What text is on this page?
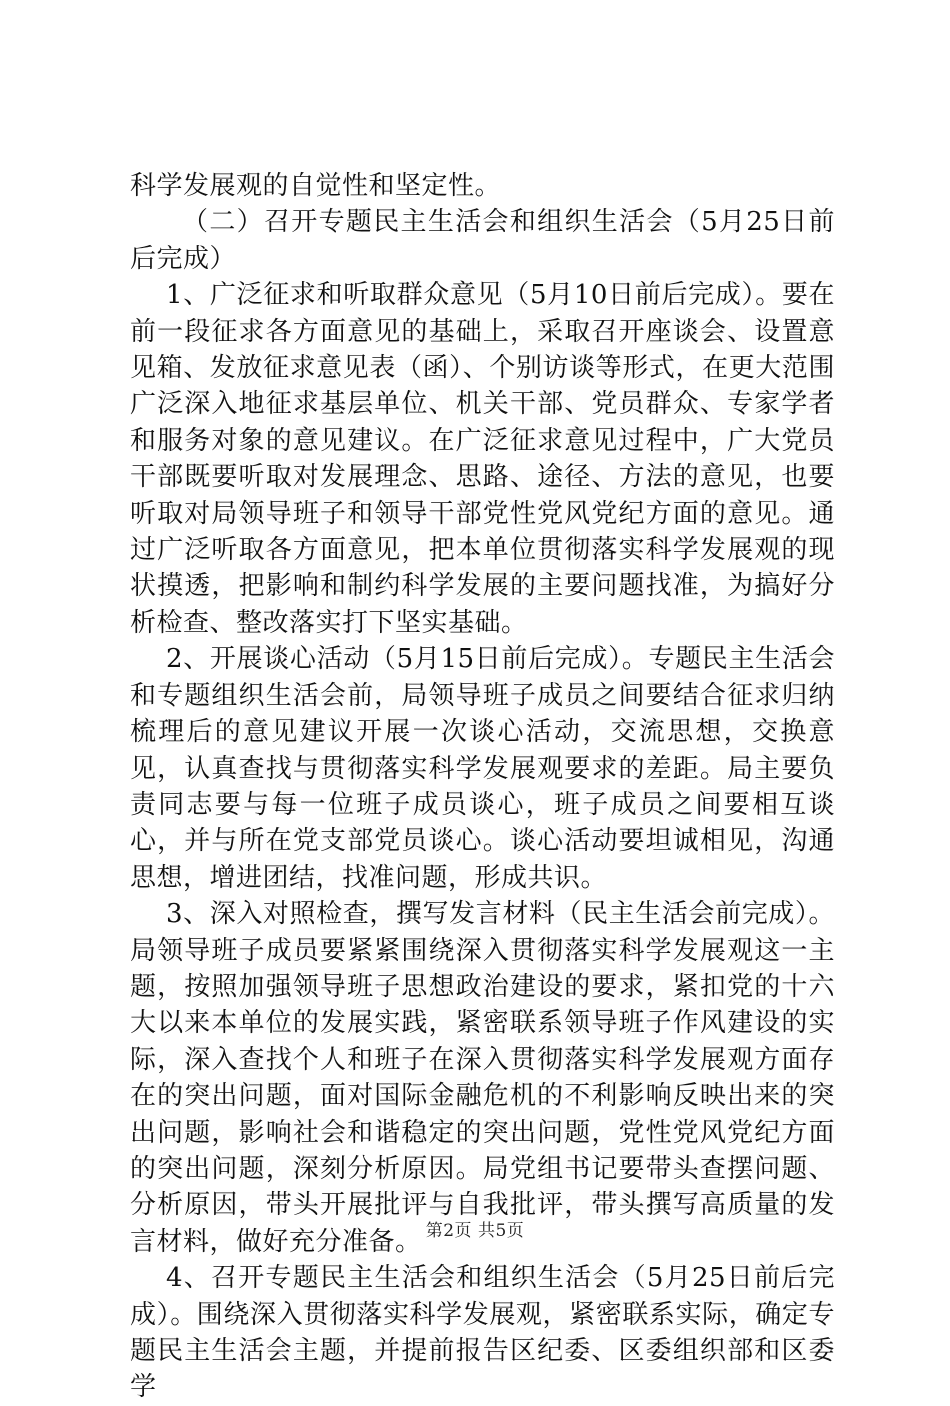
科学发展观的自觉性和坚定性。

（二）召开专题民主生活会和组织生活会（5月25日前后完成）

1、广泛征求和听取群众意见（5月10日前后完成）。要在前一段征求各方面意见的基础上，采取召开座谈会、设置意见箱、发放征求意见表（函）、个别访谈等形式，在更大范围广泛深入地征求基层单位、机关干部、党员群众、专家学者和服务对象的意见建议。在广泛征求意见过程中，广大党员干部既要听取对发展理念、思路、途径、方法的意见，也要听取对局领导班子和领导干部党性党风党纪方面的意见。通过广泛听取各方面意见，把本单位贯彻落实科学发展观的现状摸透，把影响和制约科学发展的主要问题找准，为搞好分析检查、整改落实打下坚实基础。

2、开展谈心活动（5月15日前后完成）。专题民主生活会和专题组织生活会前，局领导班子成员之间要结合征求归纳梳理后的意见建议开展一次谈心活动，交流思想，交换意见，认真查找与贯彻落实科学发展观要求的差距。局主要负责同志要与每一位班子成员谈心，班子成员之间要相互谈心，并与所在党支部党员谈心。谈心活动要坦诚相见，沟通思想，增进团结，找准问题，形成共识。

3、深入对照检查，撰写发言材料（民主生活会前完成）。局领导班子成员要紧紧围绕深入贯彻落实科学发展观这一主题，按照加强领导班子思想政治建设的要求，紧扣党的十六大以来本单位的发展实践，紧密联系领导班子作风建设的实际，深入查找个人和班子在深入贯彻落实科学发展观方面存在的突出问题，面对国际金融危机的不利影响反映出来的突出问题，影响社会和谐稳定的突出问题，党性党风党纪方面的突出问题，深刻分析原因。局党组书记要带头查摆问题、分析原因，带头开展批评与自我批评，带头撰写高质量的发言材料，做好充分准备。

4、召开专题民主生活会和组织生活会（5月25日前后完成）。围绕深入贯彻落实科学发展观，紧密联系实际，确定专题民主生活会主题，并提前报告区纪委、区委组织部和区委学

第2页 共5页
